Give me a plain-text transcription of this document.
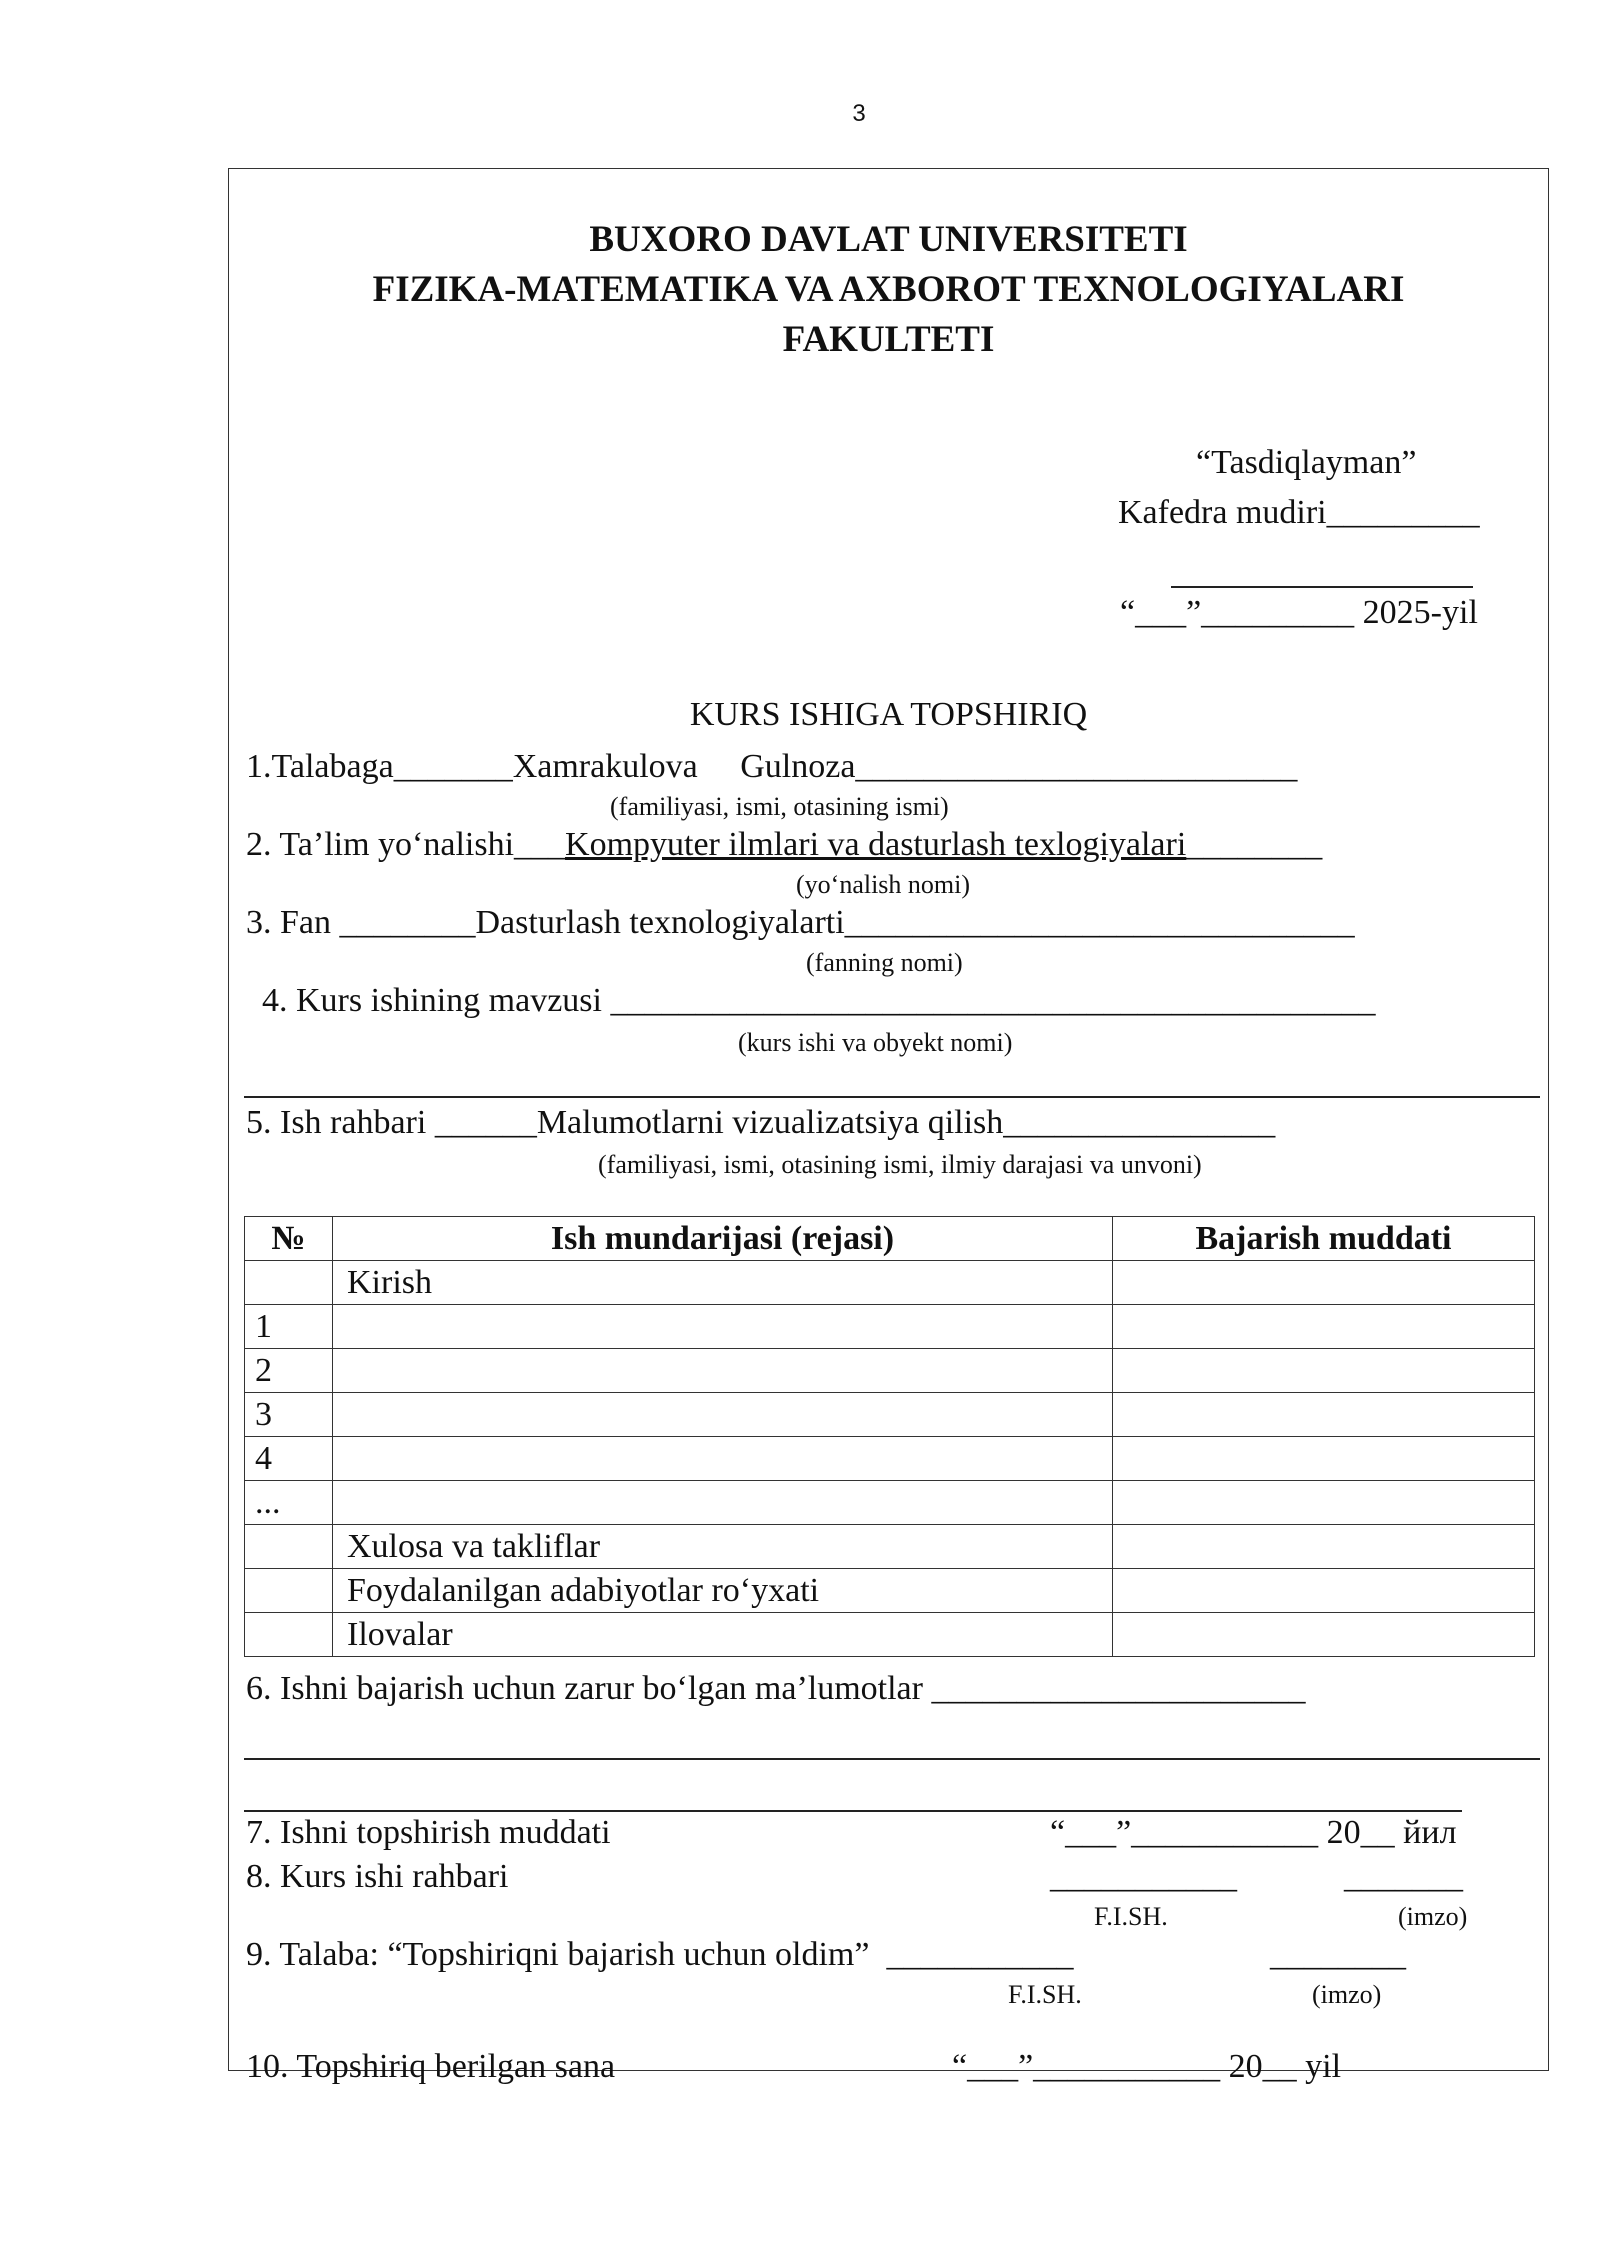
3
BUXORO DAVLAT UNIVERSITETI
FIZIKA-MATEMATIKA VA AXBOROT TEXNOLOGIYALARI
FAKULTETI
“Tasdiqlayman”
Kafedra mudiri_________
“___”_________ 2025-yil
KURS ISHIGA TOPSHIRIQ
1.Talabaga_______Xamrakulova     Gulnoza__________________________
(familiyasi, ismi, otasining ismi)
2. Ta’lim yo‘nalishi___Kompyuter ilmlari va dasturlash texlogiyalari________
(yo‘nalish nomi)
3. Fan ________Dasturlash texnologiyalarti______________________________
(fanning nomi)
4. Kurs ishining mavzusi _____________________________________________
(kurs ishi va obyekt nomi)
5. Ish rahbari ______Malumotlarni vizualizatsiya qilish________________
(familiyasi, ismi, otasining ismi, ilmiy darajasi va unvoni)
№	Ish mundarijasi (rejasi)	Bajarish muddati
	Kirish	
1		
2		
3		
4		
...		
	Xulosa va takliflar	
	Foydalanilgan adabiyotlar ro‘yxati	
	Ilovalar	
6. Ishni bajarish uchun zarur bo‘lgan ma’lumotlar ______________________
7. Ishni topshirish muddati	“___”___________ 20__ йил
8. Kurs ishi rahbari	___________	_______
F.I.SH.	(imzo)
9. Talaba: “Topshiriqni bajarish uchun oldim”  ___________	________
F.I.SH.	(imzo)
10. Topshiriq berilgan sana	“___”___________ 20__ yil
